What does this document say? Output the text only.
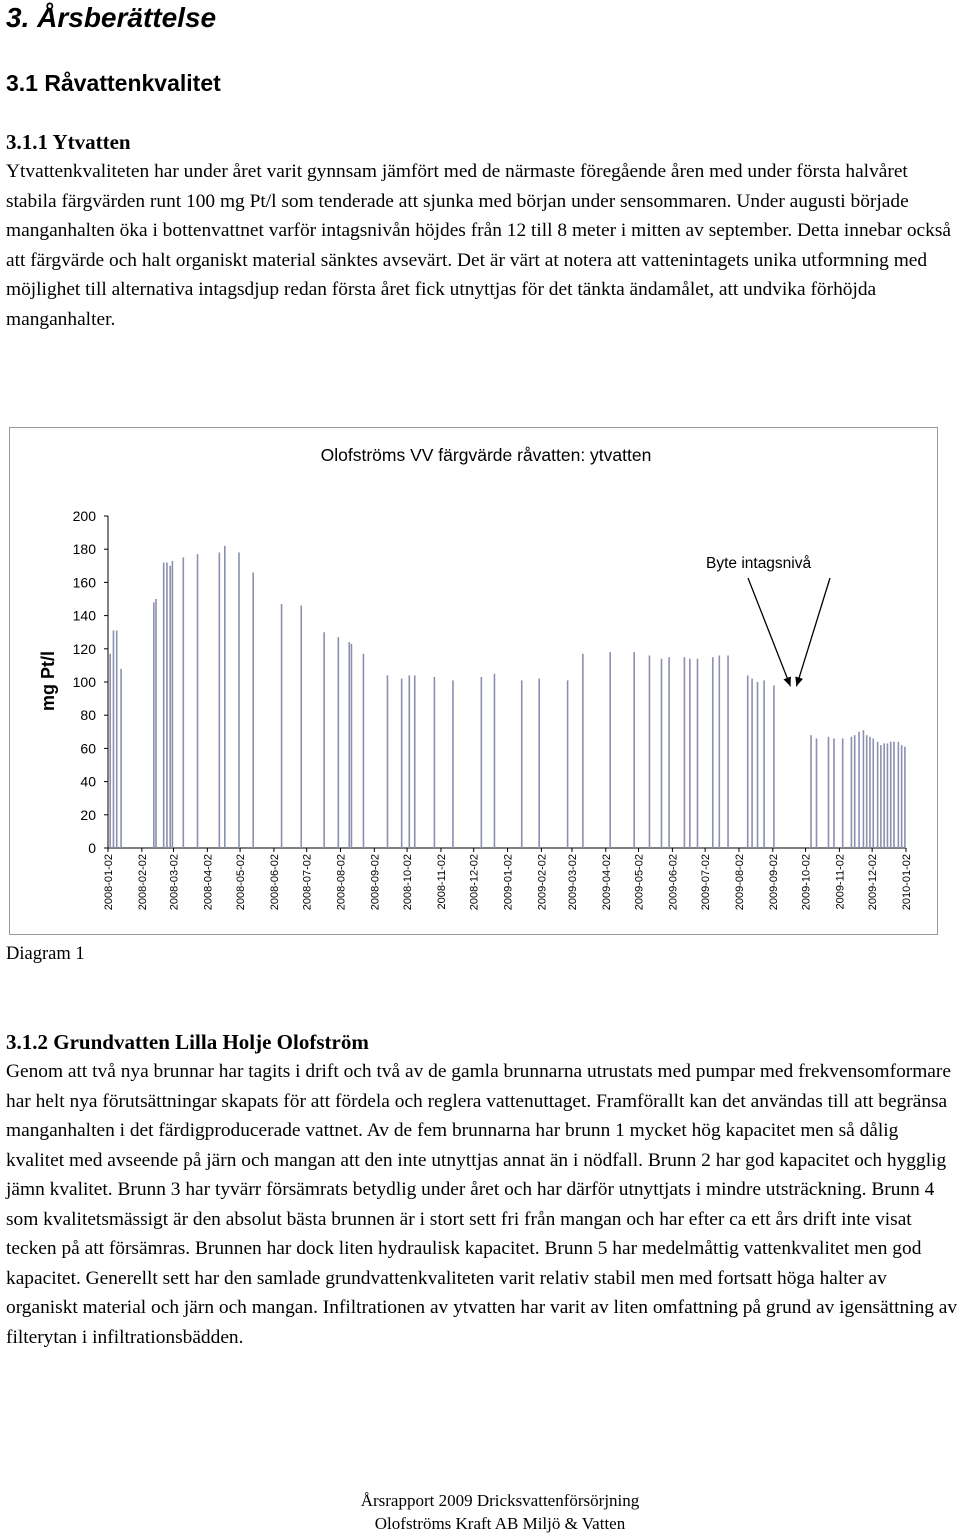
3. Årsberättelse
3.1 Råvattenkvalitet
3.1.1 Ytvatten

Ytvattenkvaliteten har under året varit gynnsam jämfört med de närmaste föregående åren med under första halvåret stabila färgvärden runt 100 mg Pt/l som tenderade att sjunka med början under sensommaren. Under augusti började manganhalten öka i bottenvattnet varför intagsnivån höjdes från 12 till 8 meter i mitten av september. Detta innebar också att färgvärde och halt organiskt material sänktes avsevärt. Det är värt at notera att vattenintagets unika utformning med möjlighet till alternativa intagsdjup redan första året fick utnyttjas för det tänkta ändamålet, att undvika förhöjda manganhalter.

Olofströms VV färgvärde råvatten: ytvatten
mg Pt/l
Byte intagsnivå
0
20
40
60
80
100
120
140
160
180
200
2008-01-02 2008-02-02 2008-03-02 2008-04-02 2008-05-02 2008-06-02 2008-07-02 2008-08-02 2008-09-02 2008-10-02 2008-11-02 2008-12-02 2009-01-02 2009-02-02 2009-03-02 2009-04-02 2009-05-02 2009-06-02 2009-07-02 2009-08-02 2009-09-02 2009-10-02 2009-11-02 2009-12-02 2010-01-02
Diagram 1
3.1.2 Grundvatten Lilla Holje Olofström

Genom att två nya brunnar har tagits i drift och två av de gamla brunnarna utrustats med pumpar med frekvensomformare har helt nya förutsättningar skapats för att fördela och reglera vattenuttaget. Framförallt kan det användas till att begränsa manganhalten i det färdigproducerade vattnet. Av de fem brunnarna har brunn 1 mycket hög kapacitet men så dålig kvalitet med avseende på järn och mangan att den inte utnyttjas annat än i nödfall. Brunn 2 har god kapacitet och hygglig jämn kvalitet. Brunn 3 har tyvärr försämrats betydlig under året och har därför utnyttjats i mindre utsträckning. Brunn 4 som kvalitetsmässigt är den absolut bästa brunnen är i stort sett fri från mangan och har efter ca ett års drift inte visat tecken på att försämras. Brunnen har dock liten hydraulisk kapacitet. Brunn 5 har medelmåttig vattenkvalitet men god kapacitet. Generellt sett har den samlade grundvattenkvaliteten varit relativ stabil men med fortsatt höga halter av organiskt material och järn och mangan. Infiltrationen av ytvatten har varit av liten omfattning på grund av igensättning av filterytan i infiltrationsbädden.

Årsrapport 2009 Dricksvattenförsörjning
Olofströms Kraft AB Miljö & Vatten
